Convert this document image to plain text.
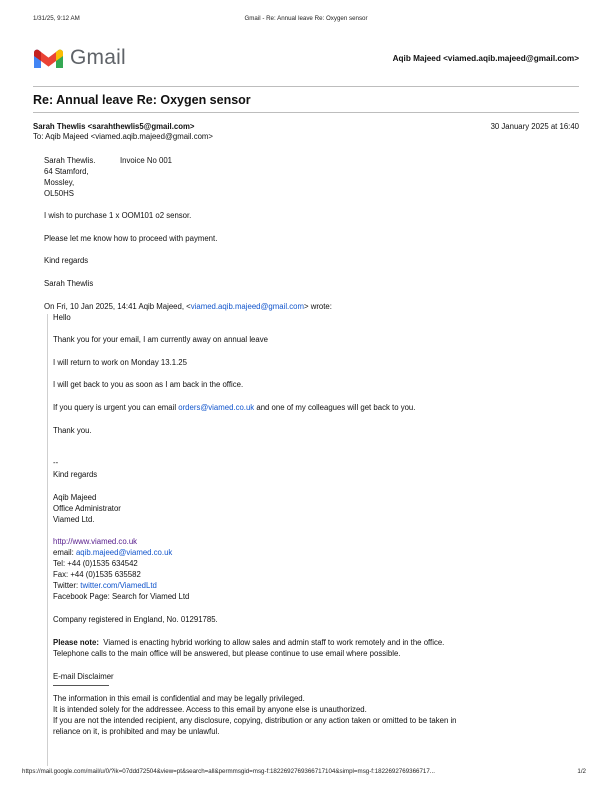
1/31/25, 9:12 AM	Gmail - Re: Annual leave Re: Oxygen sensor
Gmail	Aqib Majeed <viamed.aqib.majeed@gmail.com>
Re: Annual leave Re: Oxygen sensor
Sarah Thewlis <sarahthewlis5@gmail.com>	30 January 2025 at 16:40
To: Aqib Majeed <viamed.aqib.majeed@gmail.com>
Sarah Thewlis.	Invoice No 001
64 Stamford,
Mossley,
OL50HS
I wish to purchase 1 x OOM101 o2 sensor.
Please let me know how to proceed with payment.
Kind regards
Sarah Thewlis
On Fri, 10 Jan 2025, 14:41 Aqib Majeed, <viamed.aqib.majeed@gmail.com> wrote:
Hello
Thank you for your email, I am currently away on annual leave
I will return to work on Monday 13.1.25
I will get back to you as soon as I am back in the office.
If you query is urgent you can email orders@viamed.co.uk and one of my colleagues will get back to you.
Thank you.
--
Kind regards
Aqib Majeed
Office Administrator
Viamed Ltd.
http://www.viamed.co.uk
email: aqib.majeed@viamed.co.uk
Tel: +44 (0)1535 634542
Fax: +44 (0)1535 635582
Twitter: twitter.com/ViamedLtd
Facebook Page: Search for Viamed Ltd
Company registered in England, No. 01291785.
Please note:  Viamed is enacting hybrid working to allow sales and admin staff to work remotely and in the office.
Telephone calls to the main office will be answered, but please continue to use email where possible.
E-mail Disclaimer
The information in this email is confidential and may be legally privileged.
It is intended solely for the addressee. Access to this email by anyone else is unauthorized.
If you are not the intended recipient, any disclosure, copying, distribution or any action taken or omitted to be taken in
reliance on it, is prohibited and may be unlawful.
https://mail.google.com/mail/u/0/?ik=07ddd72504&view=pt&search=all&permmsgid=msg-f:1822692769366717104&simpl=msg-f:1822692769366717...	1/2
